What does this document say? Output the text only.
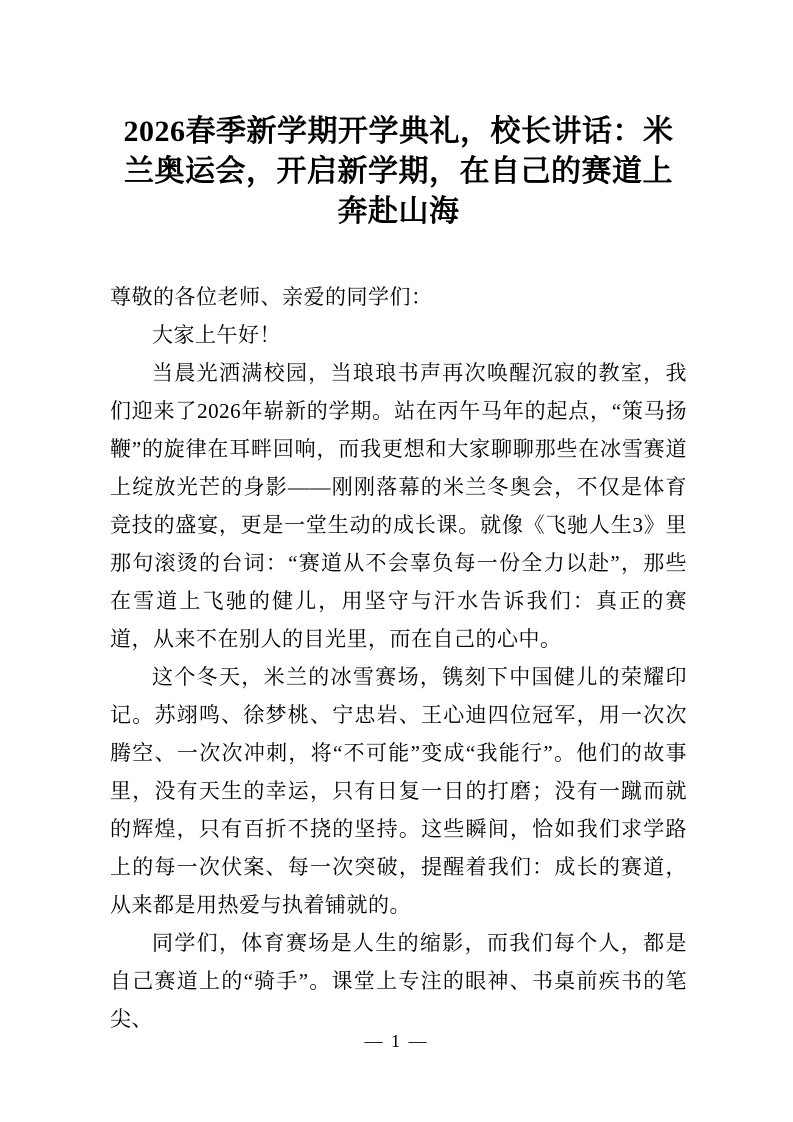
2026春季新学期开学典礼，校长讲话：米兰奥运会，开启新学期，在自己的赛道上奔赴山海

尊敬的各位老师、亲爱的同学们：

大家上午好！

当晨光洒满校园，当琅琅书声再次唤醒沉寂的教室，我们迎来了2026年崭新的学期。站在丙午马年的起点，“策马扬鞭”的旋律在耳畔回响，而我更想和大家聊聊那些在冰雪赛道上绽放光芒的身影——刚刚落幕的米兰冬奥会，不仅是体育竞技的盛宴，更是一堂生动的成长课。就像《飞驰人生3》里那句滚烫的台词：“赛道从不会辜负每一份全力以赴”，那些在雪道上飞驰的健儿，用坚守与汗水告诉我们：真正的赛道，从来不在别人的目光里，而在自己的心中。

这个冬天，米兰的冰雪赛场，镌刻下中国健儿的荣耀印记。苏翊鸣、徐梦桃、宁忠岩、王心迪四位冠军，用一次次腾空、一次次冲刺，将“不可能”变成“我能行”。他们的故事里，没有天生的幸运，只有日复一日的打磨；没有一蹴而就的辉煌，只有百折不挠的坚持。这些瞬间，恰如我们求学路上的每一次伏案、每一次突破，提醒着我们：成长的赛道，从来都是用热爱与执着铺就的。

同学们，体育赛场是人生的缩影，而我们每个人，都是自己赛道上的“骑手”。课堂上专注的眼神、书桌前疾书的笔尖、

— 1 —
